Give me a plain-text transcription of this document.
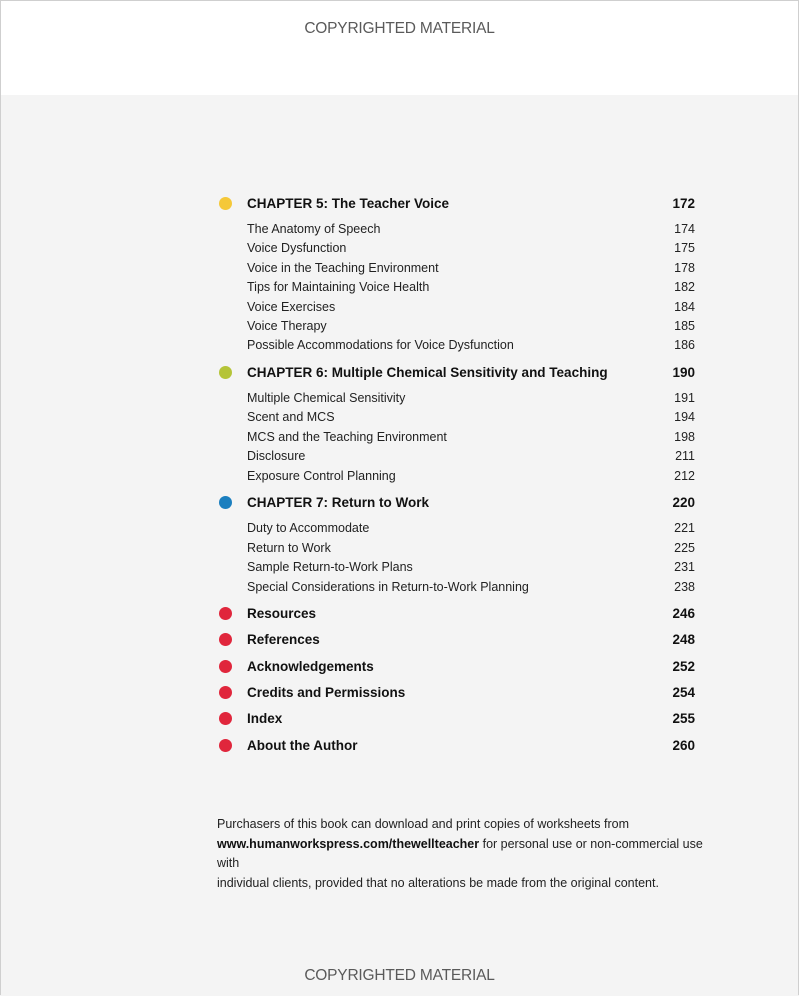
COPYRIGHTED MATERIAL
CHAPTER 5: The Teacher Voice	172
The Anatomy of Speech	174
Voice Dysfunction	175
Voice in the Teaching Environment	178
Tips for Maintaining Voice Health	182
Voice Exercises	184
Voice Therapy	185
Possible Accommodations for Voice Dysfunction	186
CHAPTER 6: Multiple Chemical Sensitivity and Teaching	190
Multiple Chemical Sensitivity	191
Scent and MCS	194
MCS and the Teaching Environment	198
Disclosure	211
Exposure Control Planning	212
CHAPTER 7: Return to Work	220
Duty to Accommodate	221
Return to Work	225
Sample Return-to-Work Plans	231
Special Considerations in Return-to-Work Planning	238
Resources	246
References	248
Acknowledgements	252
Credits and Permissions	254
Index	255
About the Author	260
Purchasers of this book can download and print copies of worksheets from
www.humanworkspress.com/thewellteacher for personal use or non-commercial use with
individual clients, provided that no alterations be made from the original content.
COPYRIGHTED MATERIAL
